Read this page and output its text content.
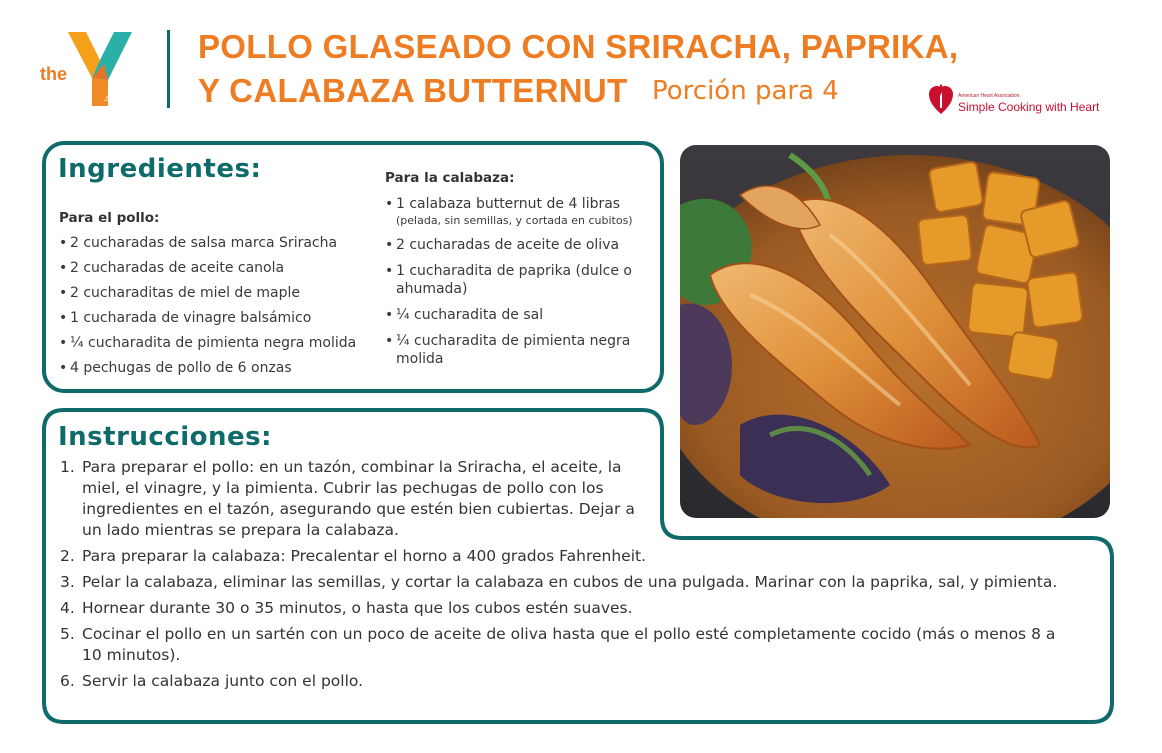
the
YMCA
POLLO GLASEADO CON SRIRACHA, PAPRIKA,
Y CALABAZA BUTTERNUT Porción para 4	American Heart Association.
Simple Cooking with Heart
Ingredientes:
Para el pollo:
• 2 cucharadas de salsa marca Sriracha
• 2 cucharadas de aceite canola
• 2 cucharaditas de miel de maple
• 1 cucharada de vinagre balsámico
• ¼ cucharadita de pimienta negra molida
• 4 pechugas de pollo de 6 onzas
Para la calabaza:
• 1 calabaza butternut de 4 libras
(pelada, sin semillas, y cortada en cubitos)
• 2 cucharadas de aceite de oliva
• 1 cucharadita de paprika (dulce o ahumada)
• ¼ cucharadita de sal
• ¼ cucharadita de pimienta negra molida
Instrucciones:
1. Para preparar el pollo: en un tazón, combinar la Sriracha, el aceite, la miel, el vinagre, y la pimienta. Cubrir las pechugas de pollo con los ingredientes en el tazón, asegurando que estén bien cubiertas. Dejar a un lado mientras se prepara la calabaza.
2. Para preparar la calabaza: Precalentar el horno a 400 grados Fahrenheit.
3. Pelar la calabaza, eliminar las semillas, y cortar la calabaza en cubos de una pulgada. Marinar con la paprika, sal, y pimienta.
4. Hornear durante 30 o 35 minutos, o hasta que los cubos estén suaves.
5. Cocinar el pollo en un sartén con un poco de aceite de oliva hasta que el pollo esté completamente cocido (más o menos 8 a 10 minutos).
6. Servir la calabaza junto con el pollo.
